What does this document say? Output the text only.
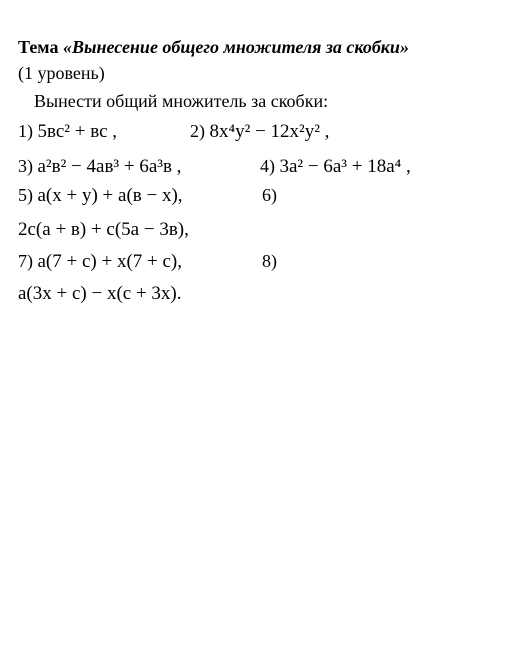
Тема «Вынесение общего множителя за скобки»
(1 уровень)
Вынести общий множитель за скобки:
1) 5вс² + вс ,	2) 8x⁴y² − 12x²y² ,
3) a²в² − 4aв³ + 6a³в ,	4) 3a² − 6a³ + 18a⁴ ,
5) a(x + y) + a(в − x),	6)
2c(a + в) + c(5a − 3в),
7) a(7 + c) + x(7 + c),	8)
a(3x + c) − x(c + 3x).
